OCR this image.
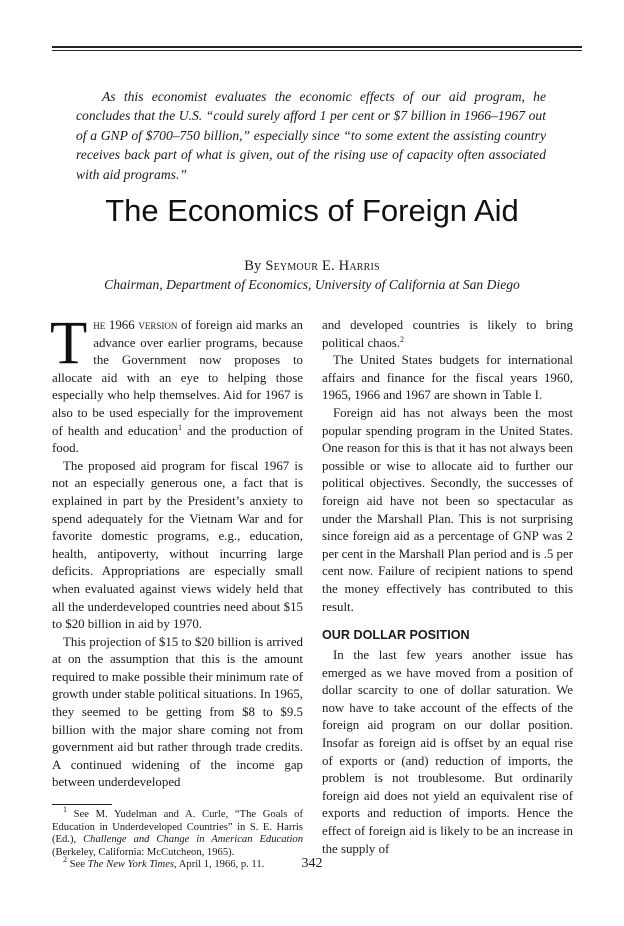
As this economist evaluates the economic effects of our aid program, he concludes that the U.S. “could surely afford 1 per cent or $7 billion in 1966–1967 out of a GNP of $700–750 billion,” especially since “to some extent the assisting country receives back part of what is given, out of the rising use of capacity often associated with aid programs.”
The Economics of Foreign Aid
By Seymour E. Harris
Chairman, Department of Economics, University of California at San Diego

The 1966 version of foreign aid marks an advance over earlier programs, because the Government now proposes to allocate aid with an eye to helping those especially who help themselves. Aid for 1967 is also to be used especially for the improvement of health and education$^1$ and the production of food.

The proposed aid program for fiscal 1967 is not an especially generous one, a fact that is explained in part by the President’s anxiety to spend adequately for the Vietnam War and for favorite domestic programs, e.g., education, health, antipoverty, without incurring large deficits. Appropriations are especially small when evaluated against views widely held that all the underdeveloped countries need about $15 to $20 billion in aid by 1970.

This projection of $15 to $20 billion is arrived at on the assumption that this is the amount required to make possible their minimum rate of growth under stable political situations. In 1965, they seemed to be getting from $8 to $9.5 billion with the major share coming not from government aid but rather through trade credits. A continued widening of the income gap between underdeveloped

$^1$ See M. Yudelman and A. Curle, “The Goals of Education in Underdeveloped Countries” in S. E. Harris (Ed.), Challenge and Change in American Education (Berkeley, California: McCutcheon, 1965).

$^2$ See The New York Times, April 1, 1966, p. 11.

and developed countries is likely to bring political chaos.$^2$

The United States budgets for international affairs and finance for the fiscal years 1960, 1965, 1966 and 1967 are shown in Table I.

Foreign aid has not always been the most popular spending program in the United States. One reason for this is that it has not always been possible or wise to allocate aid to further our political objectives. Secondly, the successes of foreign aid have not been so spectacular as under the Marshall Plan. This is not surprising since foreign aid as a percentage of GNP was 2 per cent in the Marshall Plan period and is .5 per cent now. Failure of recipient nations to spend the money effectively has contributed to this result.

OUR DOLLAR POSITION

In the last few years another issue has emerged as we have moved from a position of dollar scarcity to one of dollar saturation. We now have to take account of the effects of the foreign aid program on our dollar position. Insofar as foreign aid is offset by an equal rise of exports or (and) reduction of imports, the problem is not troublesome. But ordinarily foreign aid does not yield an equivalent rise of exports and reduction of imports. Hence the effect of foreign aid is likely to be an increase in the supply of

342
